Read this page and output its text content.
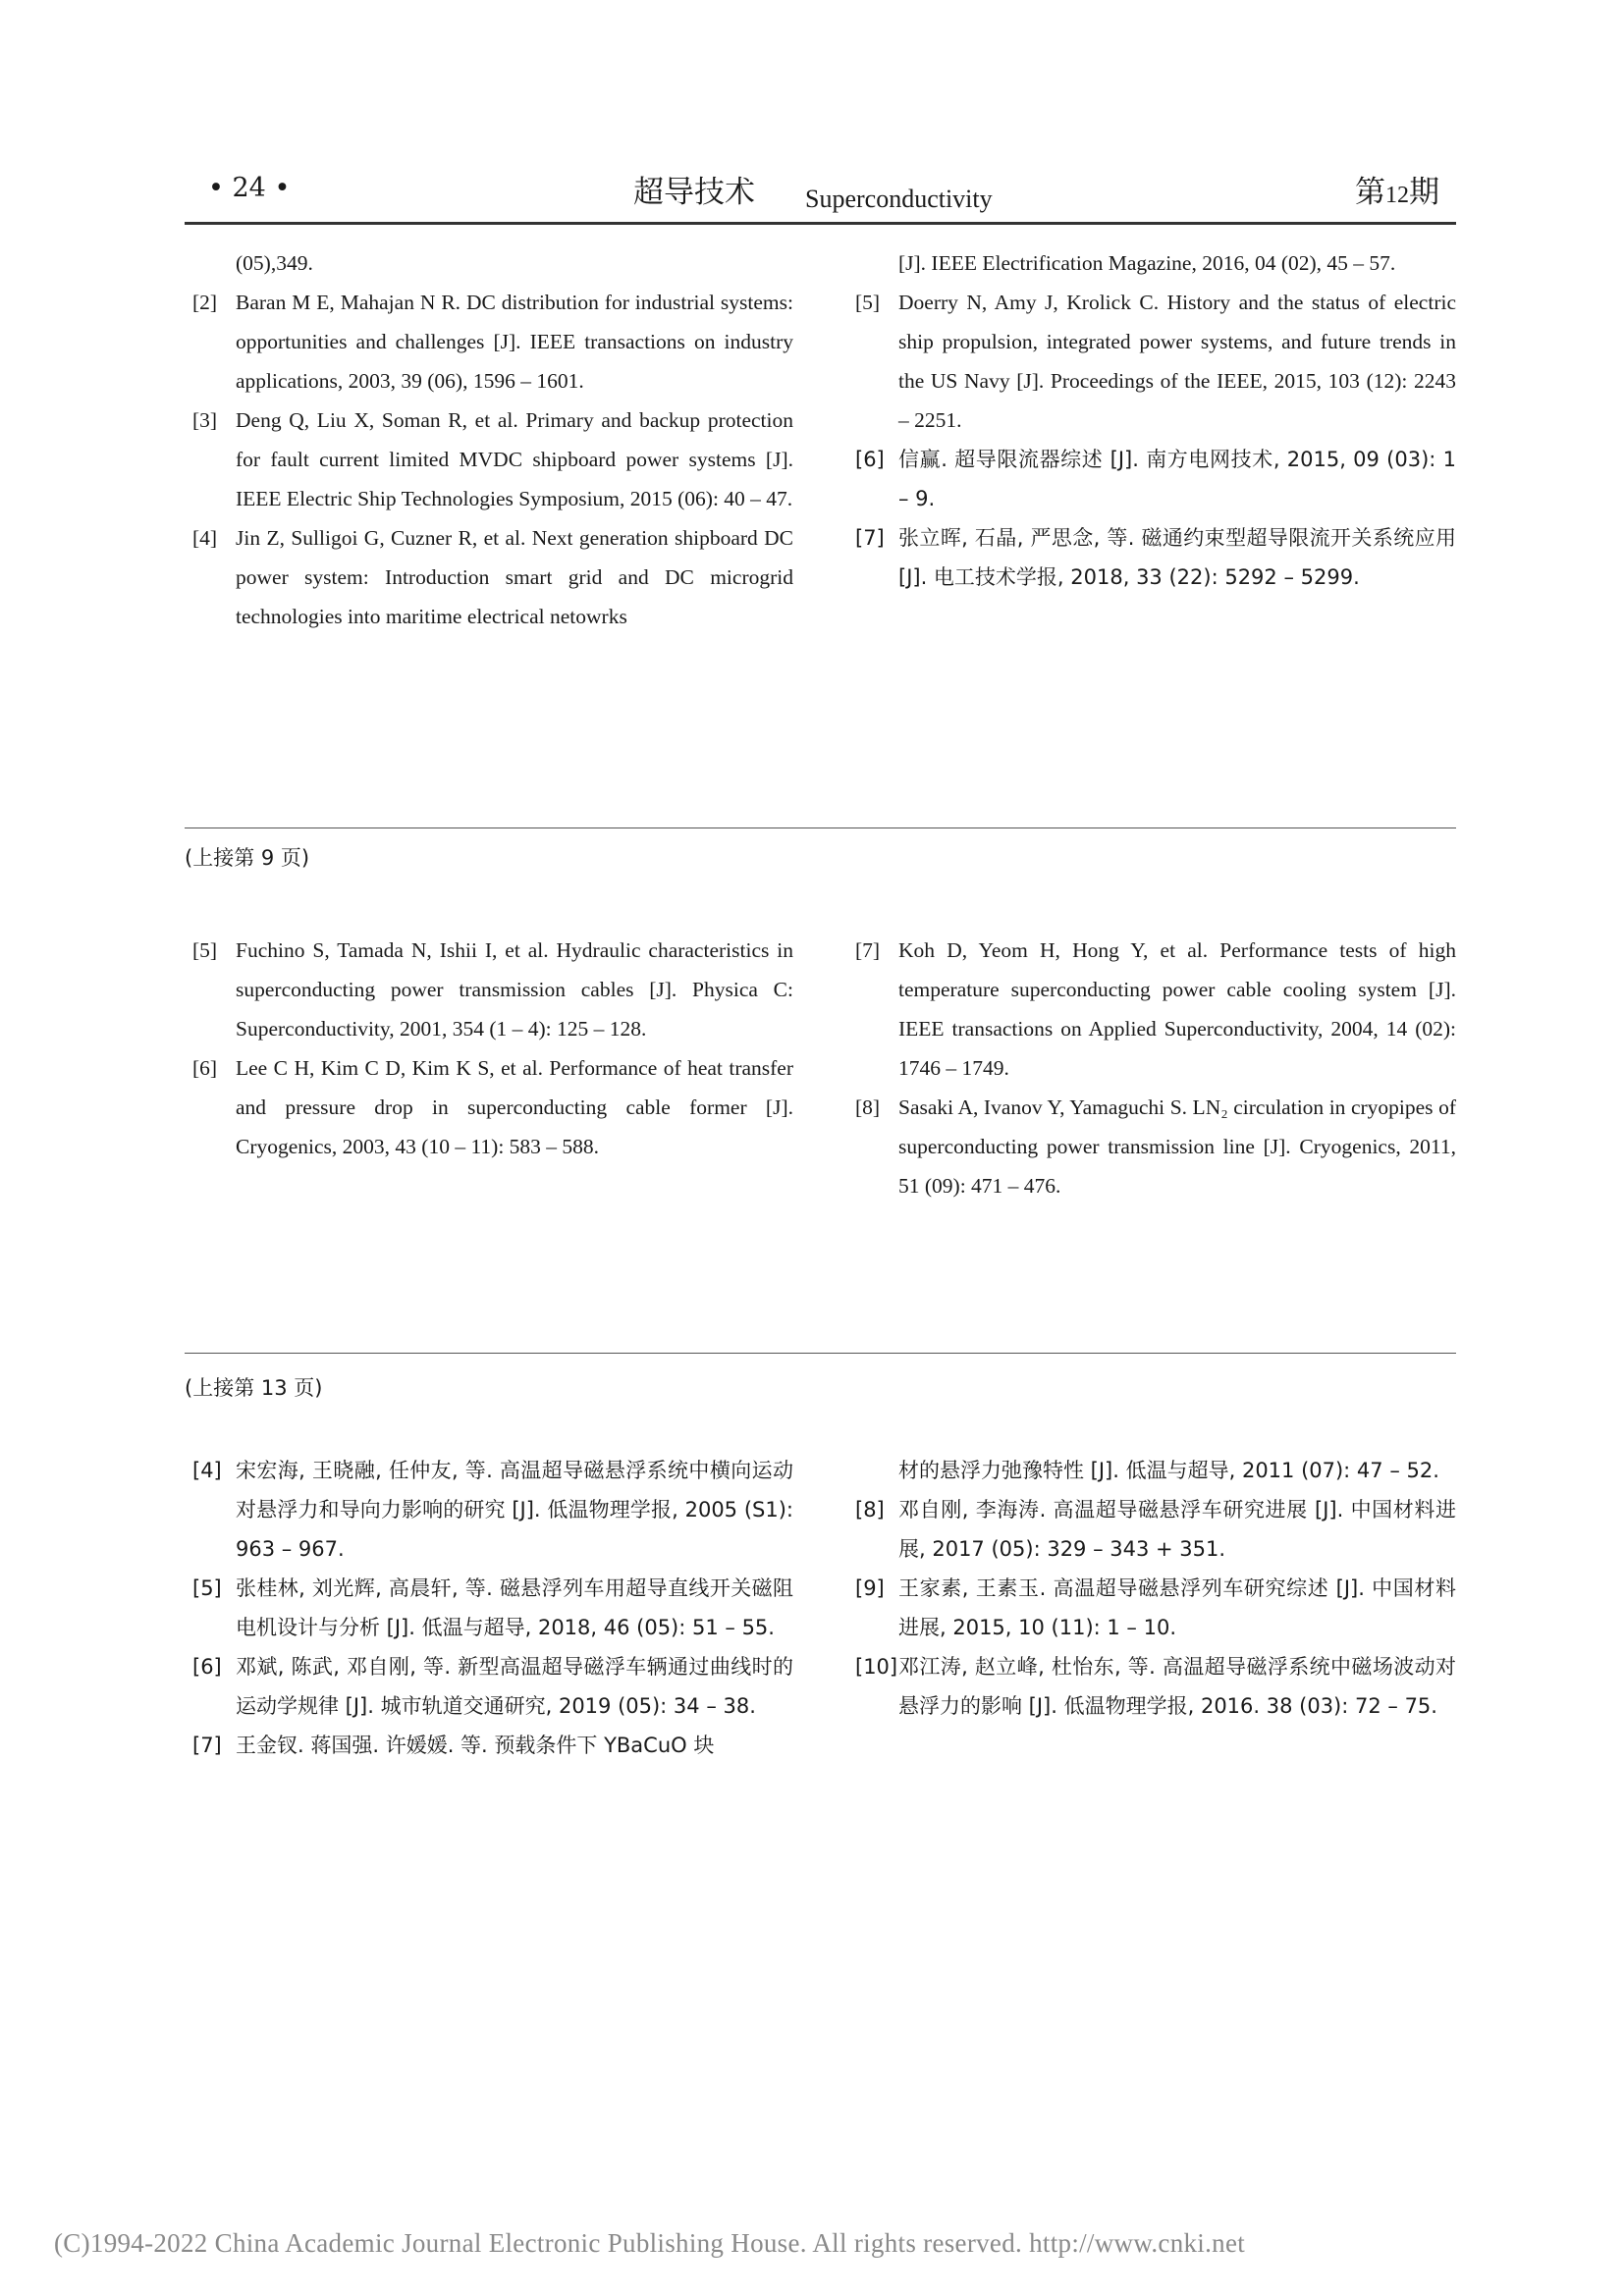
• 24 •	超导技术 Superconductivity	第12期
(05),349.
[2] Baran M E, Mahajan N R. DC distribution for industrial systems: opportunities and challenges [J]. IEEE transactions on industry applications, 2003, 39 (06), 1596 – 1601.
[3] Deng Q, Liu X, Soman R, et al. Primary and backup protection for fault current limited MVDC shipboard power systems [J]. IEEE Electric Ship Technologies Symposium, 2015 (06): 40 – 47.
[4] Jin Z, Sulligoi G, Cuzner R, et al. Next generation shipboard DC power system: Introduction smart grid and DC microgrid technologies into maritime electrical netowrks
[J]. IEEE Electrification Magazine, 2016, 04 (02), 45 – 57.
[5] Doerry N, Amy J, Krolick C. History and the status of electric ship propulsion, integrated power systems, and future trends in the US Navy [J]. Proceedings of the IEEE, 2015, 103 (12): 2243 – 2251.
[6] 信赢. 超导限流器综述 [J]. 南方电网技术, 2015, 09 (03): 1 – 9.
[7] 张立晖, 石晶, 严思念, 等. 磁通约束型超导限流开关系统应用 [J]. 电工技术学报, 2018, 33 (22): 5292 – 5299.
(上接第 9 页)
[5] Fuchino S, Tamada N, Ishii I, et al. Hydraulic characteristics in superconducting power transmission cables [J]. Physica C: Superconductivity, 2001, 354 (1 – 4): 125 – 128.
[6] Lee C H, Kim C D, Kim K S, et al. Performance of heat transfer and pressure drop in superconducting cable former [J]. Cryogenics, 2003, 43 (10 – 11): 583 – 588.
[7] Koh D, Yeom H, Hong Y, et al. Performance tests of high temperature superconducting power cable cooling system [J]. IEEE transactions on Applied Superconductivity, 2004, 14 (02): 1746 – 1749.
[8] Sasaki A, Ivanov Y, Yamaguchi S. LN₂ circulation in cryopipes of superconducting power transmission line [J]. Cryogenics, 2011, 51 (09): 471 – 476.
(上接第 13 页)
[4] 宋宏海, 王晓融, 任仲友, 等. 高温超导磁悬浮系统中横向运动对悬浮力和导向力影响的研究 [J]. 低温物理学报, 2005 (S1): 963 – 967.
[5] 张桂林, 刘光辉, 高晨轩, 等. 磁悬浮列车用超导直线开关磁阻电机设计与分析 [J]. 低温与超导, 2018, 46 (05): 51 – 55.
[6] 邓斌, 陈武, 邓自刚, 等. 新型高温超导磁浮车辆通过曲线时的运动学规律 [J]. 城市轨道交通研究, 2019 (05): 34 – 38.
[7] 王金钗. 蒋国强. 许媛媛. 等. 预载条件下 YBaCuO 块
材的悬浮力弛豫特性 [J]. 低温与超导, 2011 (07): 47 – 52.
[8] 邓自刚, 李海涛. 高温超导磁悬浮车研究进展 [J]. 中国材料进展, 2017 (05): 329 – 343 + 351.
[9] 王家素, 王素玉. 高温超导磁悬浮列车研究综述 [J]. 中国材料进展, 2015, 10 (11): 1 – 10.
[10] 邓江涛, 赵立峰, 杜怡东, 等. 高温超导磁浮系统中磁场波动对悬浮力的影响 [J]. 低温物理学报, 2016. 38 (03): 72 – 75.
(C)1994-2022 China Academic Journal Electronic Publishing House. All rights reserved. http://www.cnki.net
